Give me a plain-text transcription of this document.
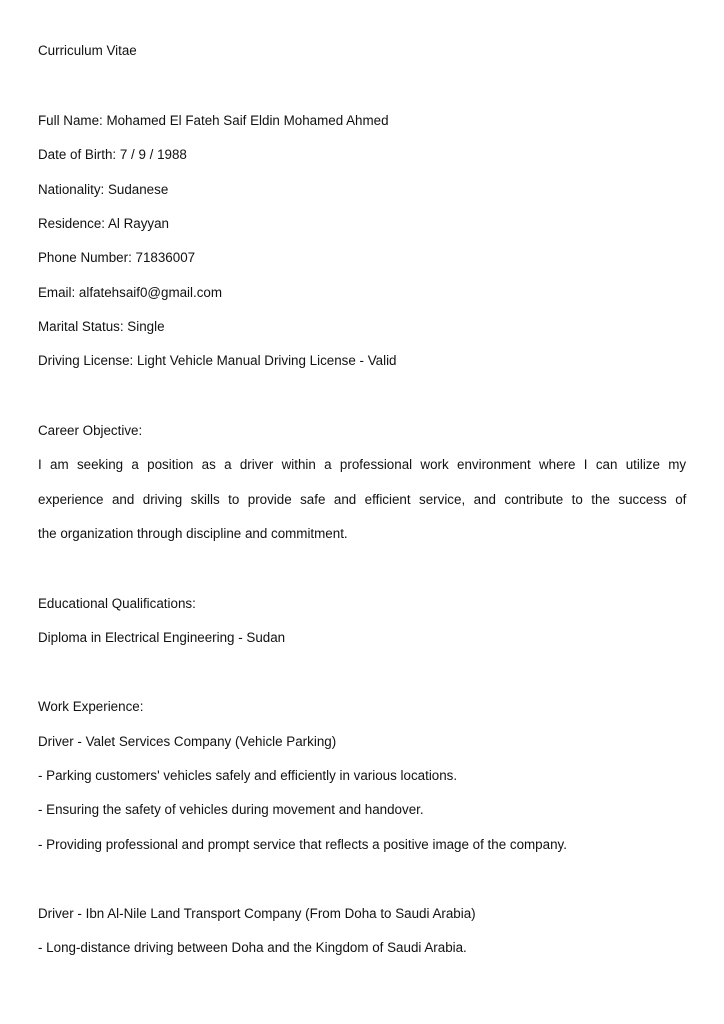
Curriculum Vitae
Full Name: Mohamed El Fateh Saif Eldin Mohamed Ahmed
Date of Birth: 7 / 9 / 1988
Nationality: Sudanese
Residence: Al Rayyan
Phone Number: 71836007
Email: alfatehsaif0@gmail.com
Marital Status: Single
Driving License: Light Vehicle Manual Driving License - Valid
Career Objective:
I am seeking a position as a driver within a professional work environment where I can utilize my
experience and driving skills to provide safe and efficient service, and contribute to the success of
the organization through discipline and commitment.
Educational Qualifications:
Diploma in Electrical Engineering - Sudan
Work Experience:
Driver - Valet Services Company (Vehicle Parking)
- Parking customers' vehicles safely and efficiently in various locations.
- Ensuring the safety of vehicles during movement and handover.
- Providing professional and prompt service that reflects a positive image of the company.
Driver - Ibn Al-Nile Land Transport Company (From Doha to Saudi Arabia)
- Long-distance driving between Doha and the Kingdom of Saudi Arabia.
